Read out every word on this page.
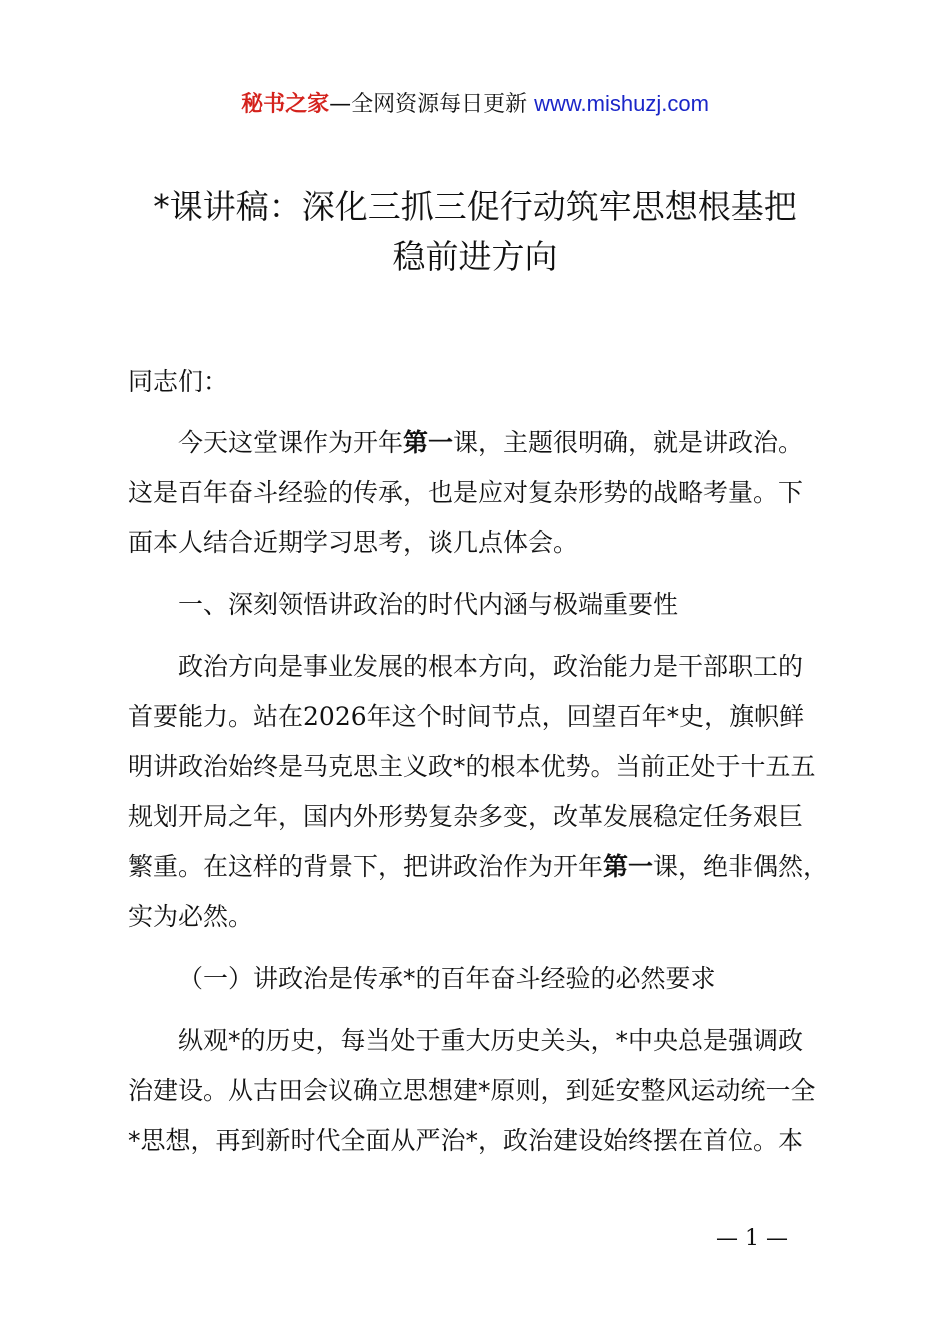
秘书之家—全网资源每日更新 www.mishuzj.com
*课讲稿：深化三抓三促行动筑牢思想根基把
稳前进方向
同志们：
今天这堂课作为开年第一课，主题很明确，就是讲政治。
这是百年奋斗经验的传承，也是应对复杂形势的战略考量。下
面本人结合近期学习思考，谈几点体会。
一、深刻领悟讲政治的时代内涵与极端重要性
政治方向是事业发展的根本方向，政治能力是干部职工的
首要能力。站在2026年这个时间节点，回望百年*史，旗帜鲜
明讲政治始终是马克思主义政*的根本优势。当前正处于十五五
规划开局之年，国内外形势复杂多变，改革发展稳定任务艰巨
繁重。在这样的背景下，把讲政治作为开年第一课，绝非偶然，
实为必然。
（一）讲政治是传承*的百年奋斗经验的必然要求
纵观*的历史，每当处于重大历史关头，*中央总是强调政
治建设。从古田会议确立思想建*原则，到延安整风运动统一全
*思想，再到新时代全面从严治*，政治建设始终摆在首位。本
— 1 —
